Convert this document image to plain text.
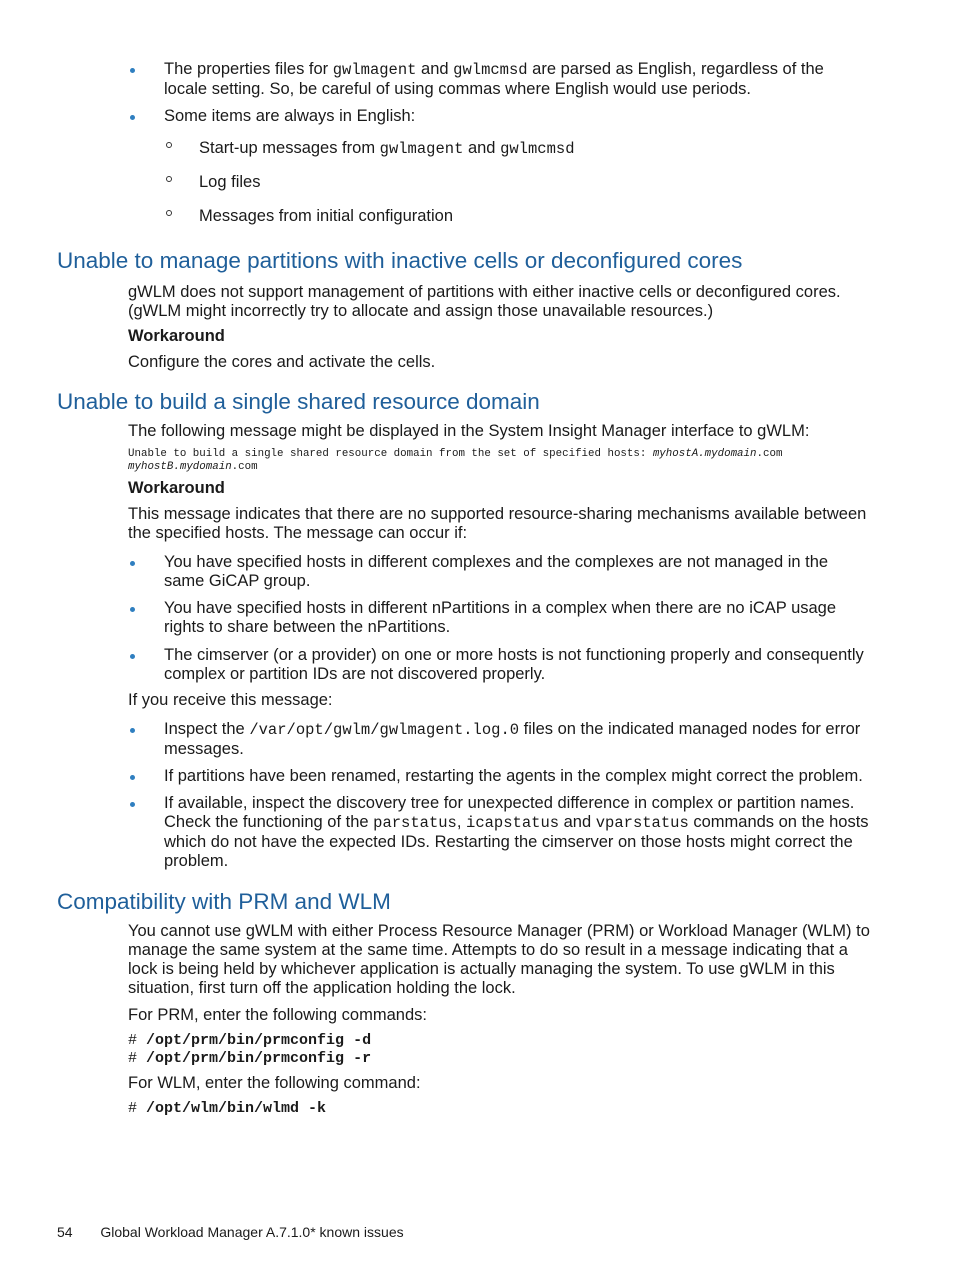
The properties files for gwlmagent and gwlmcmsd are parsed as English, regardless of the locale setting. So, be careful of using commas where English would use periods.
Some items are always in English:
Start-up messages from gwlmagent and gwlmcmsd
Log files
Messages from initial configuration
Unable to manage partitions with inactive cells or deconfigured cores

gWLM does not support management of partitions with either inactive cells or deconfigured cores. (gWLM might incorrectly try to allocate and assign those unavailable resources.)

Workaround

Configure the cores and activate the cells.

Unable to build a single shared resource domain

The following message might be displayed in the System Insight Manager interface to gWLM:

Unable to build a single shared resource domain from the set of specified hosts: myhostA.mydomain.com
myhostB.mydomain.com

Workaround

This message indicates that there are no supported resource-sharing mechanisms available between the specified hosts. The message can occur if:

You have specified hosts in different complexes and the complexes are not managed in the same GiCAP group.
You have specified hosts in different nPartitions in a complex when there are no iCAP usage rights to share between the nPartitions.
The cimserver (or a provider) on one or more hosts is not functioning properly and consequently complex or partition IDs are not discovered properly.

If you receive this message:

Inspect the /var/opt/gwlm/gwlmagent.log.0 files on the indicated managed nodes for error messages.
If partitions have been renamed, restarting the agents in the complex might correct the problem.
If available, inspect the discovery tree for unexpected difference in complex or partition names. Check the functioning of the parstatus, icapstatus and vparstatus commands on the hosts which do not have the expected IDs. Restarting the cimserver on those hosts might correct the problem.
Compatibility with PRM and WLM

You cannot use gWLM with either Process Resource Manager (PRM) or Workload Manager (WLM) to manage the same system at the same time. Attempts to do so result in a message indicating that a lock is being held by whichever application is actually managing the system. To use gWLM in this situation, first turn off the application holding the lock.

For PRM, enter the following commands:

# /opt/prm/bin/prmconfig -d

# /opt/prm/bin/prmconfig -r

For WLM, enter the following command:

# /opt/wlm/bin/wlmd -k

54 Global Workload Manager A.7.1.0* known issues
